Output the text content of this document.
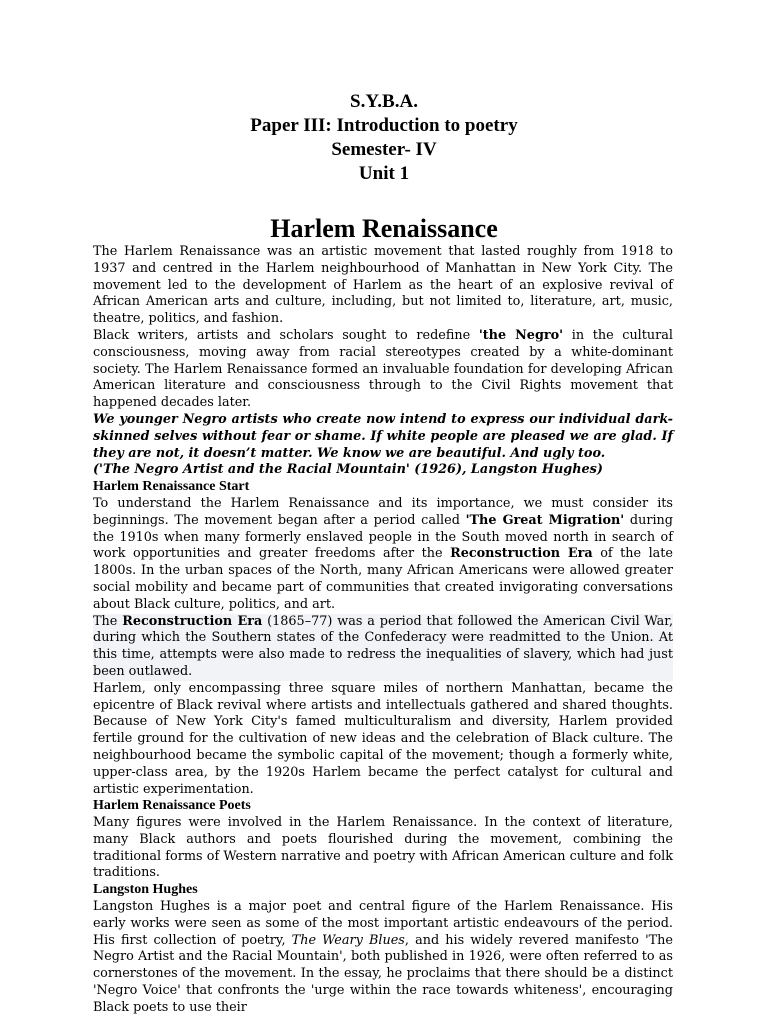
S.Y.B.A.
Paper III: Introduction to poetry
Semester- IV
Unit 1
Harlem Renaissance

The Harlem Renaissance was an artistic movement that lasted roughly from 1918 to 1937 and centred in the Harlem neighbourhood of Manhattan in New York City. The movement led to the development of Harlem as the heart of an explosive revival of African American arts and culture, including, but not limited to, literature, art, music, theatre, politics, and fashion.

Black writers, artists and scholars sought to redefine 'the Negro' in the cultural consciousness, moving away from racial stereotypes created by a white-dominant society. The Harlem Renaissance formed an invaluable foundation for developing African American literature and consciousness through to the Civil Rights movement that happened decades later.

We younger Negro artists who create now intend to express our individual dark-skinned selves without fear or shame. If white people are pleased we are glad. If they are not, it doesn’t matter. We know we are beautiful. And ugly too.

('The Negro Artist and the Racial Mountain' (1926), Langston Hughes)

Harlem Renaissance Start

To understand the Harlem Renaissance and its importance, we must consider its beginnings. The movement began after a period called 'The Great Migration' during the 1910s when many formerly enslaved people in the South moved north in search of work opportunities and greater freedoms after the Reconstruction Era of the late 1800s. In the urban spaces of the North, many African Americans were allowed greater social mobility and became part of communities that created invigorating conversations about Black culture, politics, and art.

The Reconstruction Era (1865–77) was a period that followed the American Civil War, during which the Southern states of the Confederacy were readmitted to the Union. At this time, attempts were also made to redress the inequalities of slavery, which had just been outlawed.

Harlem, only encompassing three square miles of northern Manhattan, became the epicentre of Black revival where artists and intellectuals gathered and shared thoughts. Because of New York City's famed multiculturalism and diversity, Harlem provided fertile ground for the cultivation of new ideas and the celebration of Black culture. The neighbourhood became the symbolic capital of the movement; though a formerly white, upper-class area, by the 1920s Harlem became the perfect catalyst for cultural and artistic experimentation.

Harlem Renaissance Poets

Many figures were involved in the Harlem Renaissance. In the context of literature, many Black authors and poets flourished during the movement, combining the traditional forms of Western narrative and poetry with African American culture and folk traditions.

Langston Hughes

Langston Hughes is a major poet and central figure of the Harlem Renaissance. His early works were seen as some of the most important artistic endeavours of the period. His first collection of poetry, The Weary Blues, and his widely revered manifesto 'The Negro Artist and the Racial Mountain', both published in 1926, were often referred to as cornerstones of the movement. In the essay, he proclaims that there should be a distinct 'Negro Voice' that confronts the 'urge within the race towards whiteness', encouraging Black poets to use their
